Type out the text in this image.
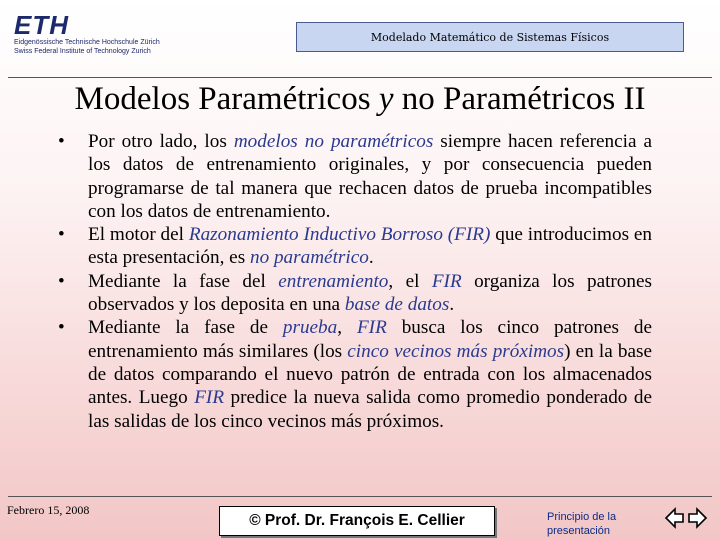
ETH
Eidgenössische Technische Hochschule Zürich
Swiss Federal Institute of Technology Zurich
Modelado Matemático de Sistemas Físicos
Modelos Paramétricos y no Paramétricos II
• Por otro lado, los modelos no paramétricos siempre hacen referencia a los datos de entrenamiento originales, y por consecuencia pueden programarse de tal manera que rechacen datos de prueba incompatibles con los datos de entrenamiento.
• El motor del Razonamiento Inductivo Borroso (FIR) que introducimos en esta presentación, es no paramétrico.
• Mediante la fase del entrenamiento, el FIR organiza los patrones observados y los deposita en una base de datos.
• Mediante la fase de prueba, FIR busca los cinco patrones de entrenamiento más similares (los cinco vecinos más próximos) en la base de datos comparando el nuevo patrón de entrada con los almacenados antes. Luego FIR predice la nueva salida como promedio ponderado de las salidas de los cinco vecinos más próximos.
Febrero 15, 2008
© Prof. Dr. François E. Cellier	Principio de la presentación
